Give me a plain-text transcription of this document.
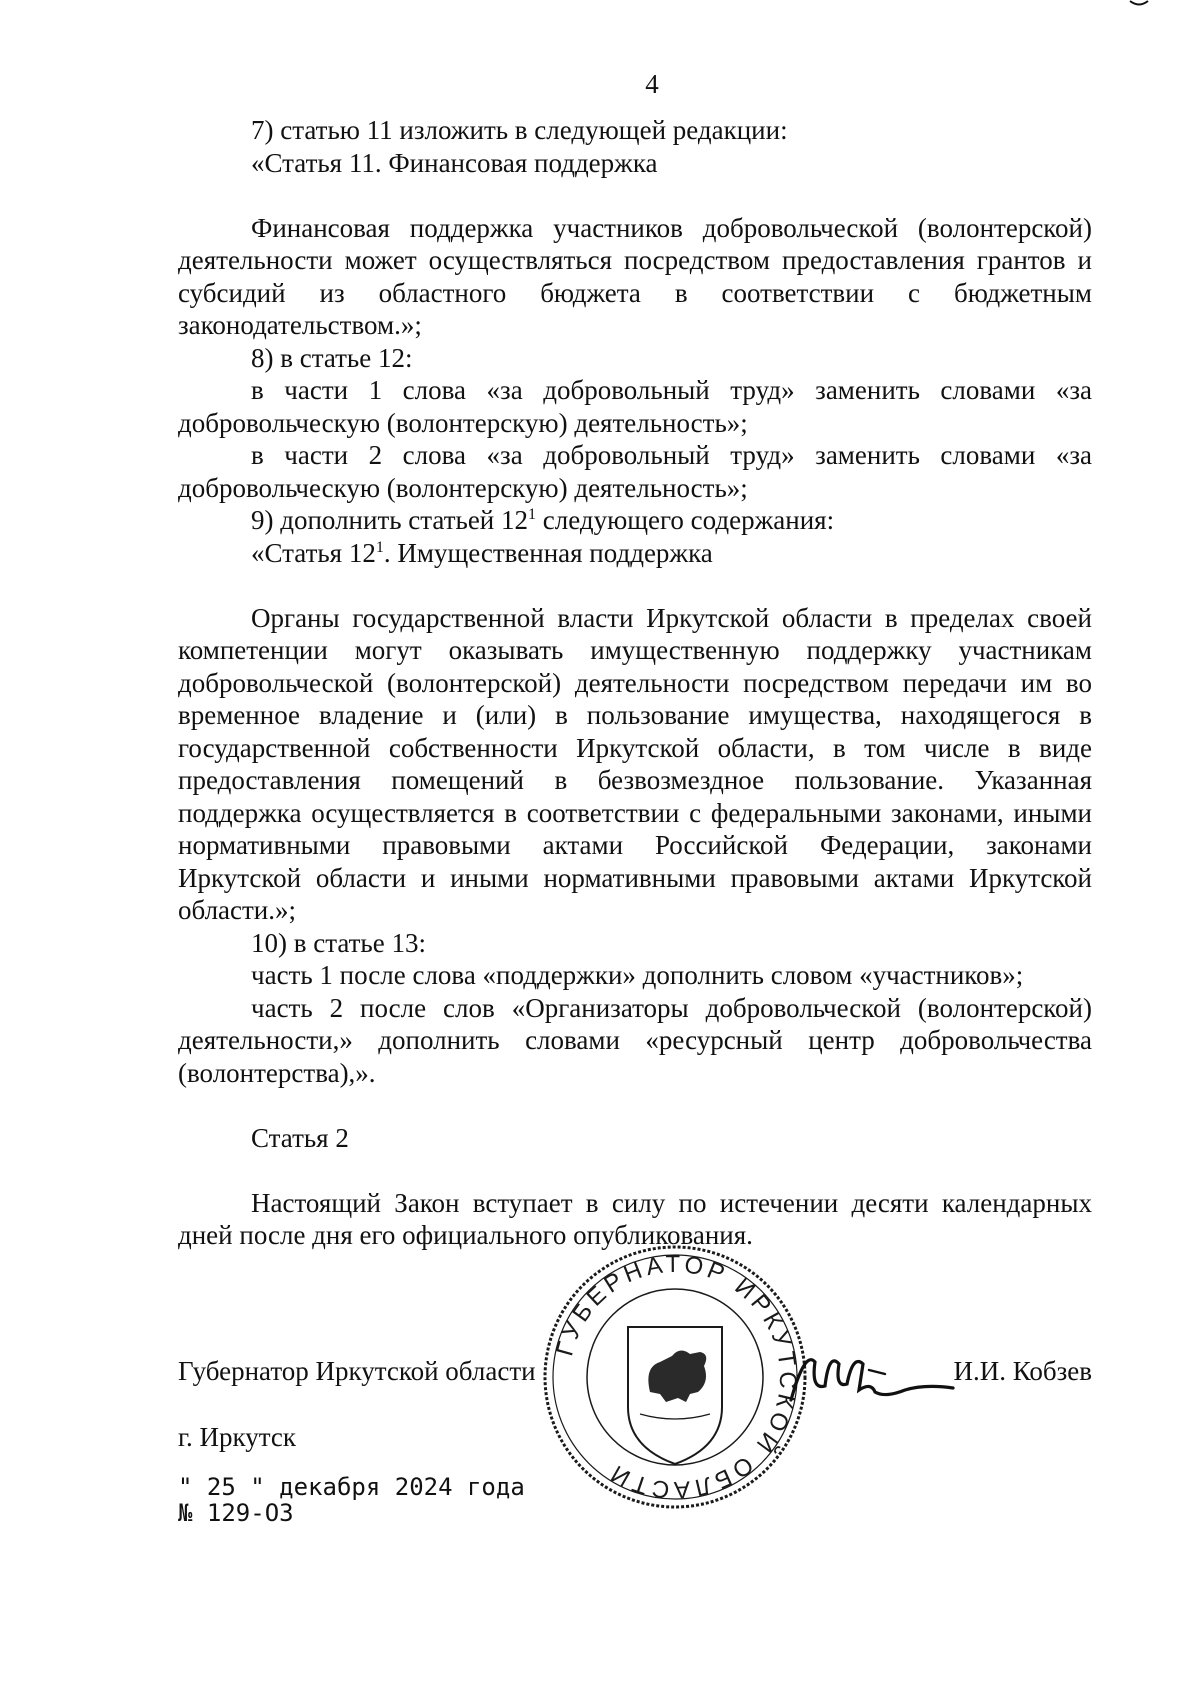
4
7) статью 11 изложить в следующей редакции:
«Статья 11. Финансовая поддержка
Финансовая поддержка участников добровольческой (волонтерской) деятельности может осуществляться посредством предоставления грантов и субсидий из областного бюджета в соответствии с бюджетным законодательством.»;
8) в статье 12:
в части 1 слова «за добровольный труд» заменить словами «за добровольческую (волонтерскую) деятельность»;
в части 2 слова «за добровольный труд» заменить словами «за добровольческую (волонтерскую) деятельность»;
9) дополнить статьей $12^1$ следующего содержания:
«Статья $12^1$. Имущественная поддержка
Органы государственной власти Иркутской области в пределах своей компетенции могут оказывать имущественную поддержку участникам добровольческой (волонтерской) деятельности посредством передачи им во временное владение и (или) в пользование имущества, находящегося в государственной собственности Иркутской области, в том числе в виде предоставления помещений в безвозмездное пользование. Указанная поддержка осуществляется в соответствии с федеральными законами, иными нормативными правовыми актами Российской Федерации, законами Иркутской области и иными нормативными правовыми актами Иркутской области.»;
10) в статье 13:
часть 1 после слова «поддержки» дополнить словом «участников»;
часть 2 после слов «Организаторы добровольческой (волонтерской) деятельности,» дополнить словами «ресурсный центр добровольчества (волонтерства),».
Статья 2
Настоящий Закон вступает в силу по истечении десяти календарных дней после дня его официального опубликования.
ГУБЕРНАТОР ИРКУТСКОЙ ОБЛАСТИ
Губернатор Иркутской области	И.И. Кобзев
г. Иркутск
" 25 " декабря 2024 года
№ 129-ОЗ
